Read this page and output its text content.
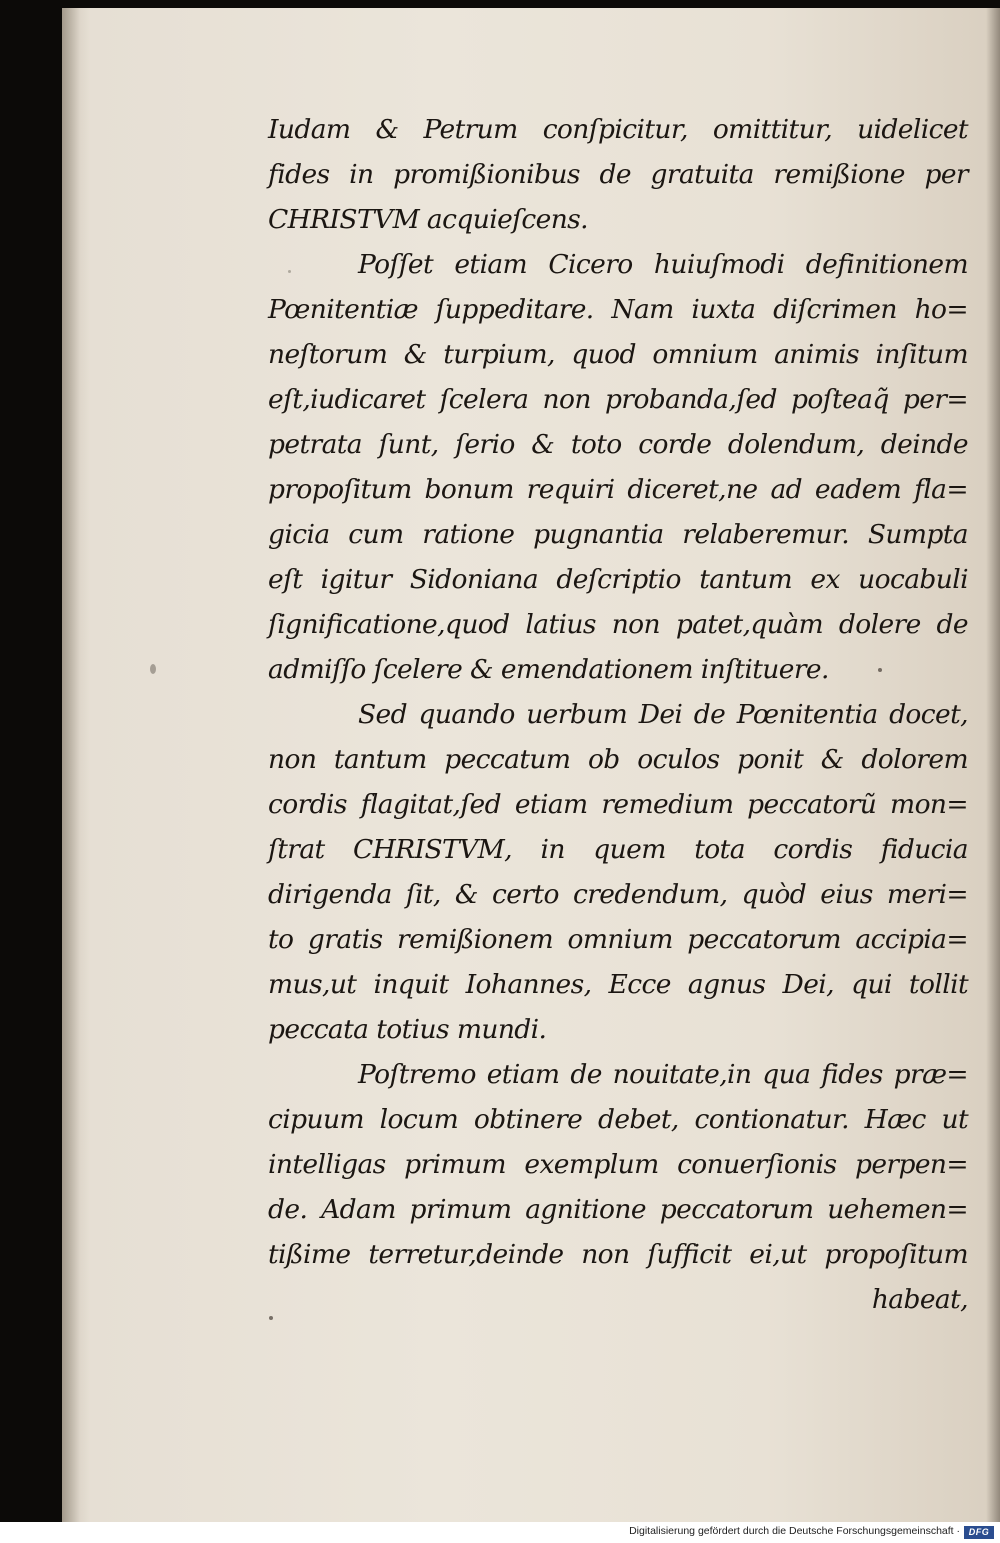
Iudam & Petrum conſpicitur, omittitur, uidelicet
fides in promißionibus de gratuita remißione per
CHRISTVM acquieſcens.
Poſſet etiam Cicero huiuſmodi definitionem
Pœnitentiæ ſuppeditare. Nam iuxta diſcrimen ho=
neſtorum & turpium, quod omnium animis inſitum
eſt,iudicaret ſcelera non probanda,ſed poſteaq̃ per=
petrata ſunt, ſerio & toto corde dolendum, deinde
propoſitum bonum requiri diceret,ne ad eadem fla=
gicia cum ratione pugnantia relaberemur. Sumpta
eſt igitur Sidoniana deſcriptio tantum ex uocabuli
ſignificatione,quod latius non patet,quàm dolere de
admiſſo ſcelere & emendationem inſtituere.
Sed quando uerbum Dei de Pœnitentia docet,
non tantum peccatum ob oculos ponit & dolorem
cordis flagitat,ſed etiam remedium peccatorũ mon=
ſtrat CHRISTVM, in quem tota cordis fiducia
dirigenda ſit, & certo credendum, quòd eius meri=
to gratis remißionem omnium peccatorum accipia=
mus,ut inquit Iohannes, Ecce agnus Dei, qui tollit
peccata totius mundi.
Poſtremo etiam de nouitate,in qua fides præ=
cipuum locum obtinere debet, contionatur. Hæc ut
intelligas primum exemplum conuerſionis perpen=
de. Adam primum agnitione peccatorum uehemen=
tißime terretur,deinde non ſufficit ei,ut propoſitum
habeat,
Digitalisierung gefördert durch die Deutsche Forschungsgemeinschaft · DFG
